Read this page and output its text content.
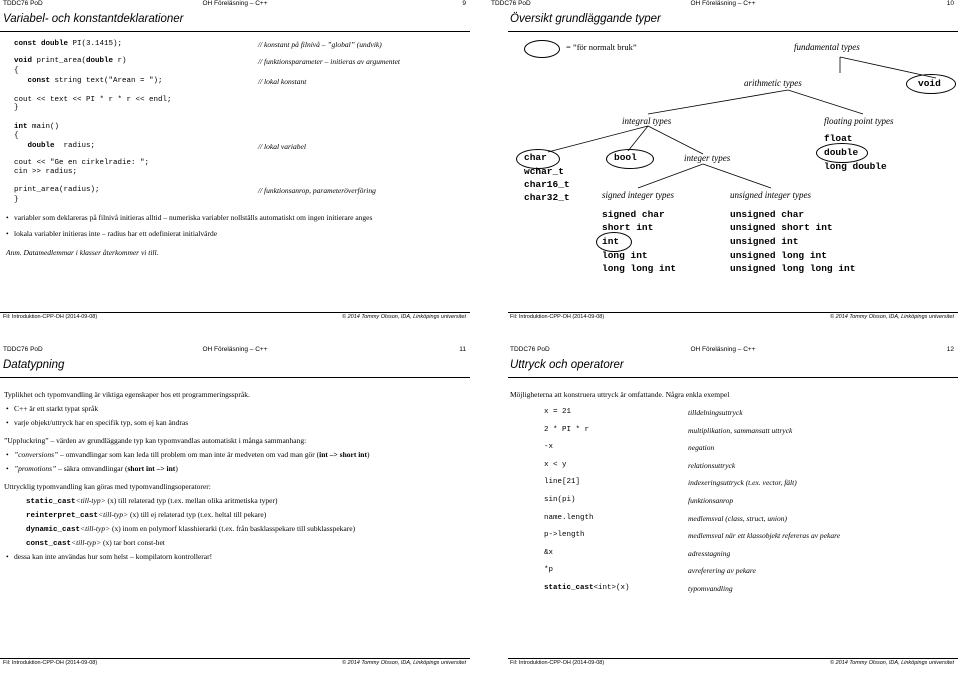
TDDC76 PoD	OH Föreläsning – C++	9
Variabel- och konstantdeklarationer
const double PI(3.1415);	// konstant på filnivå – ”global” (undvik)
void print_area(double r)	// funktionsparameter – initieras av argumentet
{
const string text("Arean = ");	// lokal konstant
cout << text << PI * r * r << endl;
}
int main()
{
double  radius;	// lokal variabel
cout << "Ge en cirkelradie: ";
cin >> radius;
print_area(radius);	// funktionsanrop, parameteröverföring
}
• variabler som deklareras på filnivå initieras alltid – numeriska variabler nollställs automatiskt om ingen initierare anges
• lokala variabler initieras inte – radius har ett odefinierat initialvärde
Anm. Datamedlemmar i klasser återkommer vi till.
Fil: Introduktion-CPP-OH (2014-09-08)	© 2014 Tommy Olsson, IDA, Linköpings universitet
TDDC76 PoD	OH Föreläsning – C++	10
Översikt grundläggande typer
= ”för normalt bruk”	fundamental types
arithmetic types	void
integral types	floating point types
char
wchar_t
char16_t
char32_t
bool	integer types
signed integer types	unsigned integer types
signed char
short int
int
long int
long long int
unsigned char
unsigned short int
unsigned int
unsigned long int
unsigned long long int
float
double
long double
Fil: Introduktion-CPP-OH (2014-09-08)	© 2014 Tommy Olsson, IDA, Linköpings universitet
TDDC76 PoD	OH Föreläsning – C++	11
Datatypning
Typlikhet och typomvandling är viktiga egenskaper hos ett programmeringsspråk.
• C++ är ett starkt typat språk
• varje objekt/uttryck har en specifik typ, som ej kan ändras
”Uppluckring” – värden av grundläggande typ kan typomvandlas automatiskt i många sammanhang:
• ”conversions” – omvandlingar som kan leda till problem om man inte är medveten om vad man gör (int –> short int)
• ”promotions” – säkra omvandlingar (short int –> int)
Uttrycklig typomvandling kan göras med typomvandlingsoperatorer:
static_cast<till-typ> (x) till relaterad typ (t.ex. mellan olika aritmetiska typer)
reinterpret_cast<till-typ> (x) till ej relaterad typ (t.ex. heltal till pekare)
dynamic_cast<till-typ> (x) inom en polymorf klasshierarki (t.ex. från basklasspekare till subklasspekare)
const_cast<till-typ> (x) tar bort const-het
• dessa kan inte användas hur som helst – kompilatorn kontrollerar!
Fil: Introduktion-CPP-OH (2014-09-08)	© 2014 Tommy Olsson, IDA, Linköpings universitet
TDDC76 PoD	OH Föreläsning – C++	12
Uttryck och operatorer
Möjligheterna att konstruera uttryck är omfattande. Några enkla exempel
x = 21	tilldelningsuttryck
2 * PI * r	multiplikation, sammansatt uttryck
-x	negation
x < y	relationsuttryck
line[21]	indexeringsuttryck (t.ex. vector, fält)
sin(pi)	funktionsanrop
name.length	medlemsval (class, struct, union)
p->length	medlemsval när ett klassobjekt refereras av pekare
&x	adresstagning
*p	avreferering av pekare
static_cast<int>(x)	typomvandling
Fil: Introduktion-CPP-OH (2014-09-08)	© 2014 Tommy Olsson, IDA, Linköpings universitet
